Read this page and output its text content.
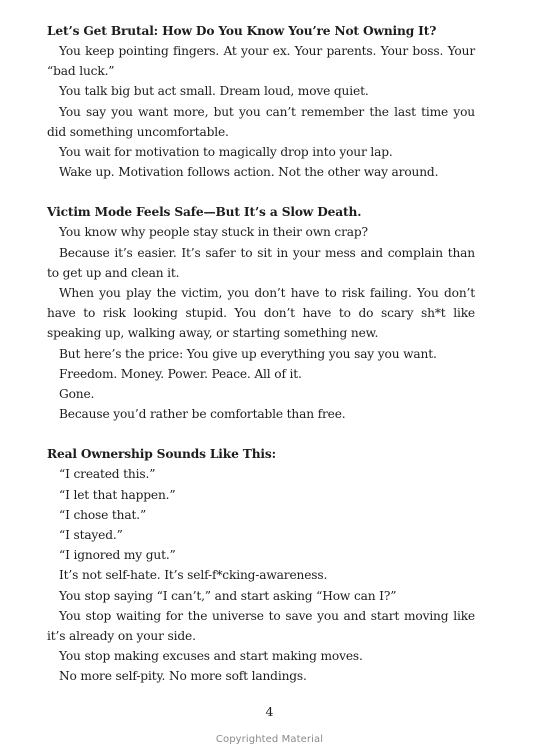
Let’s Get Brutal: How Do You Know You’re Not Owning It?

You keep pointing fingers. At your ex. Your parents. Your boss. Your “bad luck.”

You talk big but act small. Dream loud, move quiet.

You say you want more, but you can’t remember the last time you did something uncomfortable.

You wait for motivation to magically drop into your lap.

Wake up. Motivation follows action. Not the other way around.

Victim Mode Feels Safe—But It’s a Slow Death.

You know why people stay stuck in their own crap?

Because it’s easier. It’s safer to sit in your mess and complain than to get up and clean it.

When you play the victim, you don’t have to risk failing. You don’t have to risk looking stupid. You don’t have to do scary sh*t like speaking up, walking away, or starting something new.

But here’s the price: You give up everything you say you want.

Freedom. Money. Power. Peace. All of it.

Gone.

Because you’d rather be comfortable than free.

Real Ownership Sounds Like This:

“I created this.”

“I let that happen.”

“I chose that.”

“I stayed.”

“I ignored my gut.”

It’s not self-hate. It’s self-f*cking-awareness.

You stop saying “I can’t,” and start asking “How can I?”

You stop waiting for the universe to save you and start moving like it’s already on your side.

You stop making excuses and start making moves.

No more self-pity. No more soft landings.

4
Copyrighted Material
